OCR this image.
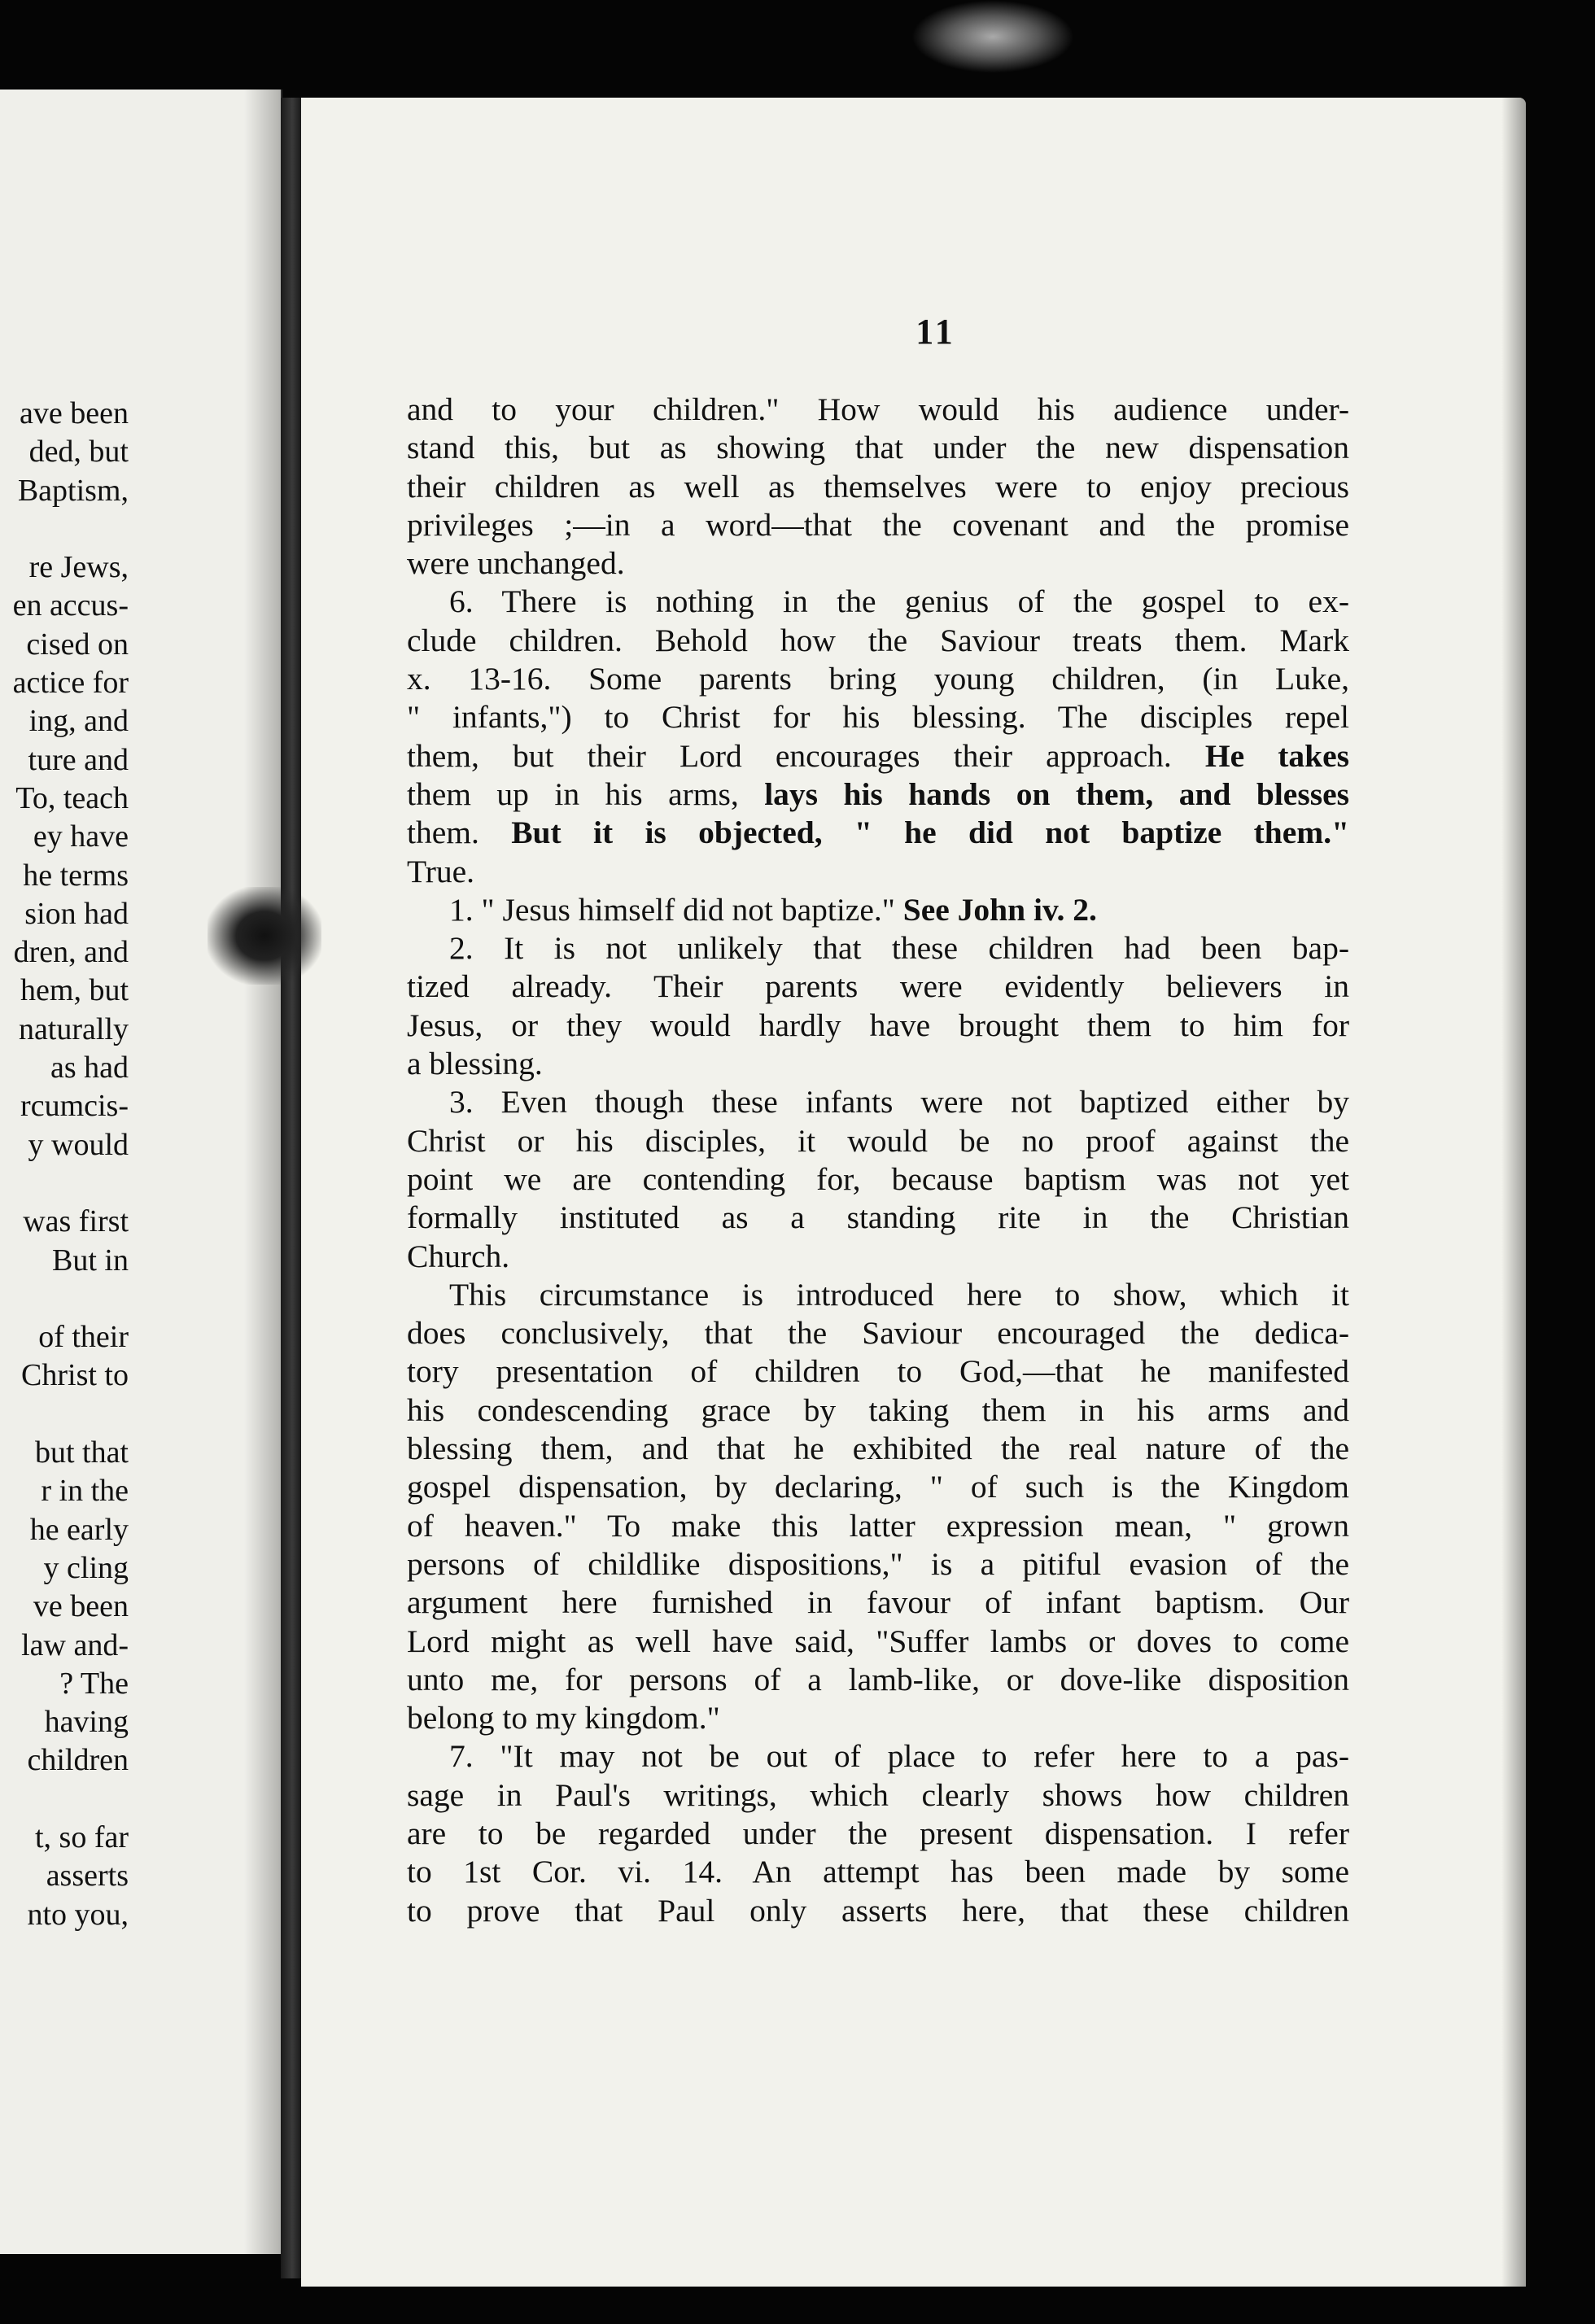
ave been
ded, but
Baptism,
re Jews,
en accus-
cised on
actice for
ing, and
ture and
To, teach
ey have
he terms
sion had
dren, and
hem, but
naturally
as had
rcumcis-
y would
was first
But in
of their
Christ to
but that
r in the
he early
y cling
ve been
law and-
? The
having
children
t, so far
asserts
nto you,
11
and to your children." How would his audience under-
stand this, but as showing that under the new dispensation
their children as well as themselves were to enjoy precious
privileges ;—in a word—that the covenant and the promise
were unchanged.
6. There is nothing in the genius of the gospel to ex-
clude children. Behold how the Saviour treats them. Mark
x. 13-16. Some parents bring young children, (in Luke,
" infants,") to Christ for his blessing. The disciples repel
them, but their Lord encourages their approach. He takes
them up in his arms, lays his hands on them, and blesses
them. But it is objected, " he did not baptize them."
True.
1. " Jesus himself did not baptize." See John iv. 2.
2. It is not unlikely that these children had been bap-
tized already. Their parents were evidently believers in
Jesus, or they would hardly have brought them to him for
a blessing.
3. Even though these infants were not baptized either by
Christ or his disciples, it would be no proof against the
point we are contending for, because baptism was not yet
formally instituted as a standing rite in the Christian
Church.
This circumstance is introduced here to show, which it
does conclusively, that the Saviour encouraged the dedica-
tory presentation of children to God,—that he manifested
his condescending grace by taking them in his arms and
blessing them, and that he exhibited the real nature of the
gospel dispensation, by declaring, " of such is the Kingdom
of heaven." To make this latter expression mean, " grown
persons of childlike dispositions," is a pitiful evasion of the
argument here furnished in favour of infant baptism. Our
Lord might as well have said, "Suffer lambs or doves to come
unto me, for persons of a lamb-like, or dove-like disposition
belong to my kingdom."
7. "It may not be out of place to refer here to a pas-
sage in Paul's writings, which clearly shows how children
are to be regarded under the present dispensation. I refer
to 1st Cor. vi. 14. An attempt has been made by some
to prove that Paul only asserts here, that these children
